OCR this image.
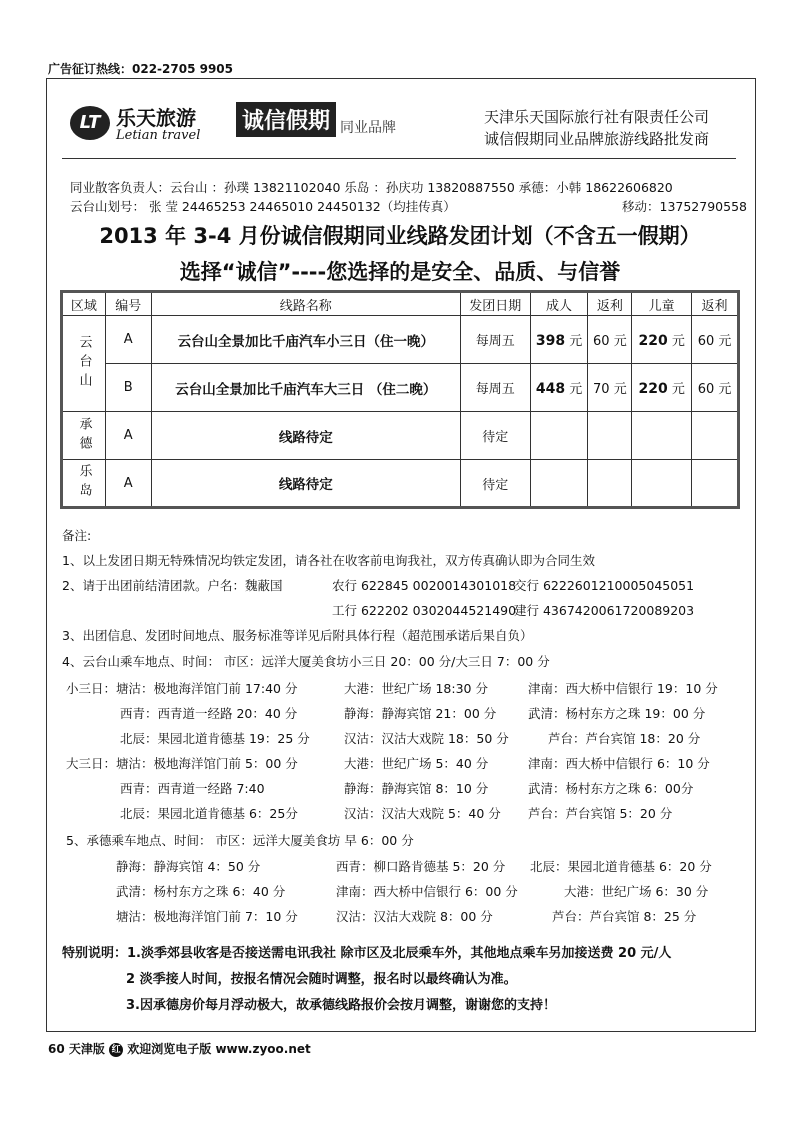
广告征订热线：022-2705 9905
LT 乐天旅游
Letian travel
诚信假期 同业品牌
天津乐天国际旅行社有限责任公司
诚信假期同业品牌旅游线路批发商
同业散客负责人：云台山 ：孙璞 13821102040 乐岛 ：孙庆功 13820887550 承德：小韩 18622606820
云台山划号： 张 莹 24465253 24465010 24450132（均挂传真）	移动：13752790558
2013 年 3-4 月份诚信假期同业线路发团计划（不含五一假期）
选择“诚信”----您选择的是安全、品质、与信誉
区域	编号	线路名称	发团日期	成人	返利	儿童	返利
云台山	A	云台山全景加比千庙汽车小三日（住一晚）	每周五	398 元	60 元	220 元	60 元
	B	云台山全景加比千庙汽车大三日 （住二晚）	每周五	448 元	70 元	220 元	60 元
承德	A	线路待定	待定				
乐岛	A	线路待定	待定				
备注:
1、以上发团日期无特殊情况均铁定发团，请各社在收客前电询我社，双方传真确认即为合同生效
2、请于出团前结清团款。户名：魏蔽国	农行 622845 0020014301018
交行 6222601210005045051
工行 622202 0302044521490
建行 4367420061720089203
3、出团信息、发团时间地点、服务标准等详见后附具体行程（超范围承诺后果自负）
4、云台山乘车地点、时间： 市区：远洋大厦美食坊小三日 20：00 分/大三日 7：00 分
小三日：塘沽：极地海洋馆门前 17:40 分	大港：世纪广场 18:30 分	津南：西大桥中信银行 19：10 分
西青：西青道一经路 20：40 分	静海：静海宾馆 21：00 分	武清：杨村东方之珠 19：00 分
北辰：果园北道肯德基 19：25 分	汉沽：汉沽大戏院 18：50 分	芦台：芦台宾馆 18：20 分
大三日：塘沽：极地海洋馆门前 5：00 分	大港：世纪广场 5：40 分	津南：西大桥中信银行 6：10 分
西青：西青道一经路 7:40	静海：静海宾馆 8：10 分	武清：杨村东方之珠 6：00分
北辰：果园北道肯德基 6：25分	汉沽：汉沽大戏院 5：40 分 芦台：芦台宾馆 5：20 分
5、承德乘车地点、时间： 市区：远洋大厦美食坊 早 6：00 分
静海：静海宾馆 4：50 分	西青：柳口路肯德基 5：20 分 北辰：果园北道肯德基 6：20 分
武清：杨村东方之珠 6：40 分	津南：西大桥中信银行 6：00 分	大港：世纪广场 6：30 分
塘沽：极地海洋馆门前 7：10 分	汉沽：汉沽大戏院 8：00 分	芦台：芦台宾馆 8：25 分
特别说明：1.淡季郊县收客是否接送需电讯我社 除市区及北辰乘车外，其他地点乘车另加接送费 20 元/人
2 淡季接人时间，按报名情况会随时调整，报名时以最终确认为准。
3.因承德房价每月浮动极大，故承德线路报价会按月调整，谢谢您的支持！
60 天津版 红 欢迎浏览电子版 www.zyoo.net
